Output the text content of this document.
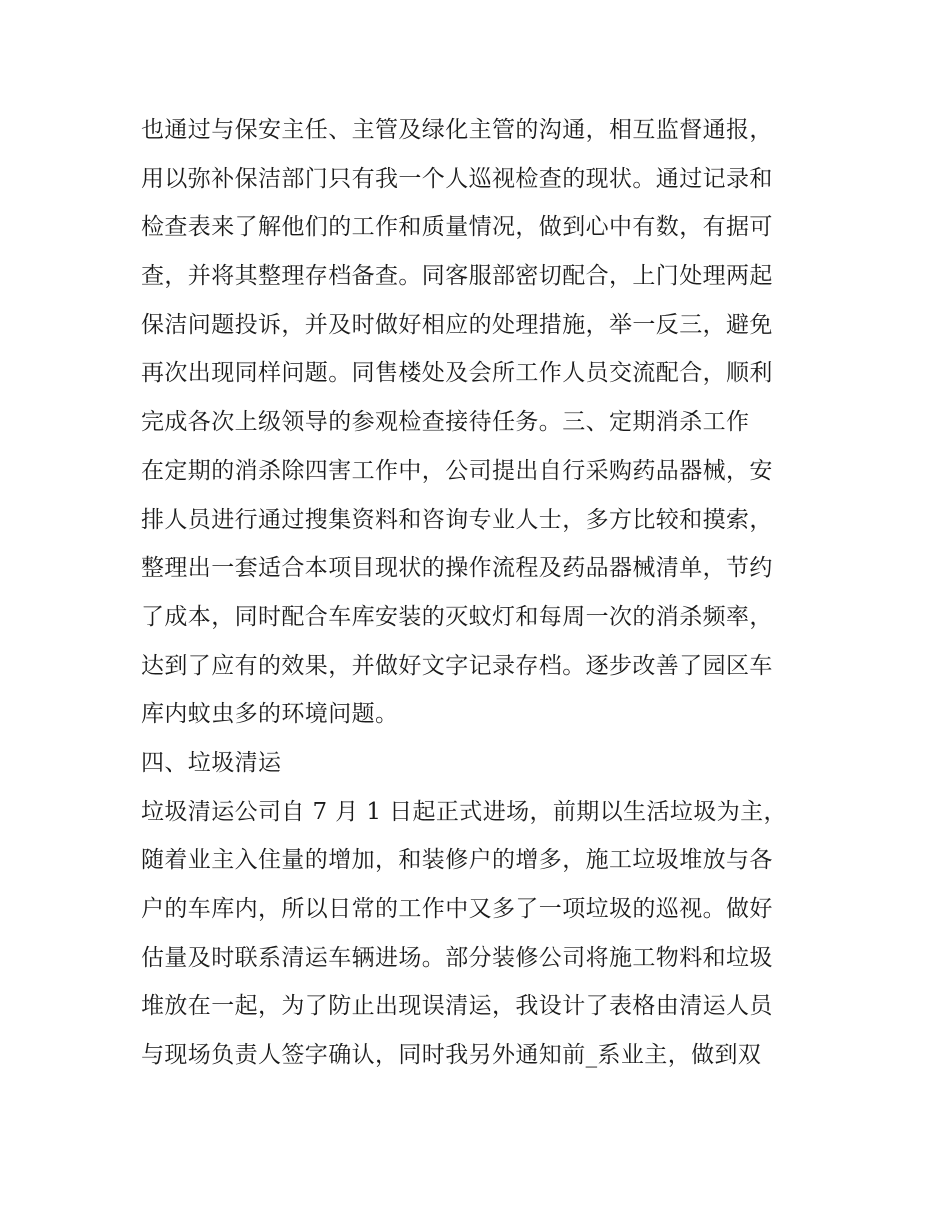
也通过与保安主任、主管及绿化主管的沟通，相互监督通报，
用以弥补保洁部门只有我一个人巡视检查的现状。通过记录和
检查表来了解他们的工作和质量情况，做到心中有数，有据可
查，并将其整理存档备查。同客服部密切配合，上门处理两起
保洁问题投诉，并及时做好相应的处理措施，举一反三，避免
再次出现同样问题。同售楼处及会所工作人员交流配合，顺利
完成各次上级领导的参观检查接待任务。三、定期消杀工作
在定期的消杀除四害工作中，公司提出自行采购药品器械，安
排人员进行通过搜集资料和咨询专业人士，多方比较和摸索，
整理出一套适合本项目现状的操作流程及药品器械清单，节约
了成本，同时配合车库安装的灭蚊灯和每周一次的消杀频率，
达到了应有的效果，并做好文字记录存档。逐步改善了园区车
库内蚊虫多的环境问题。
四、垃圾清运
垃圾清运公司自 7 月 1 日起正式进场，前期以生活垃圾为主，
随着业主入住量的增加，和装修户的增多，施工垃圾堆放与各
户的车库内，所以日常的工作中又多了一项垃圾的巡视。做好
估量及时联系清运车辆进场。部分装修公司将施工物料和垃圾
堆放在一起，为了防止出现误清运，我设计了表格由清运人员
与现场负责人签字确认，同时我另外通知前_系业主，做到双
